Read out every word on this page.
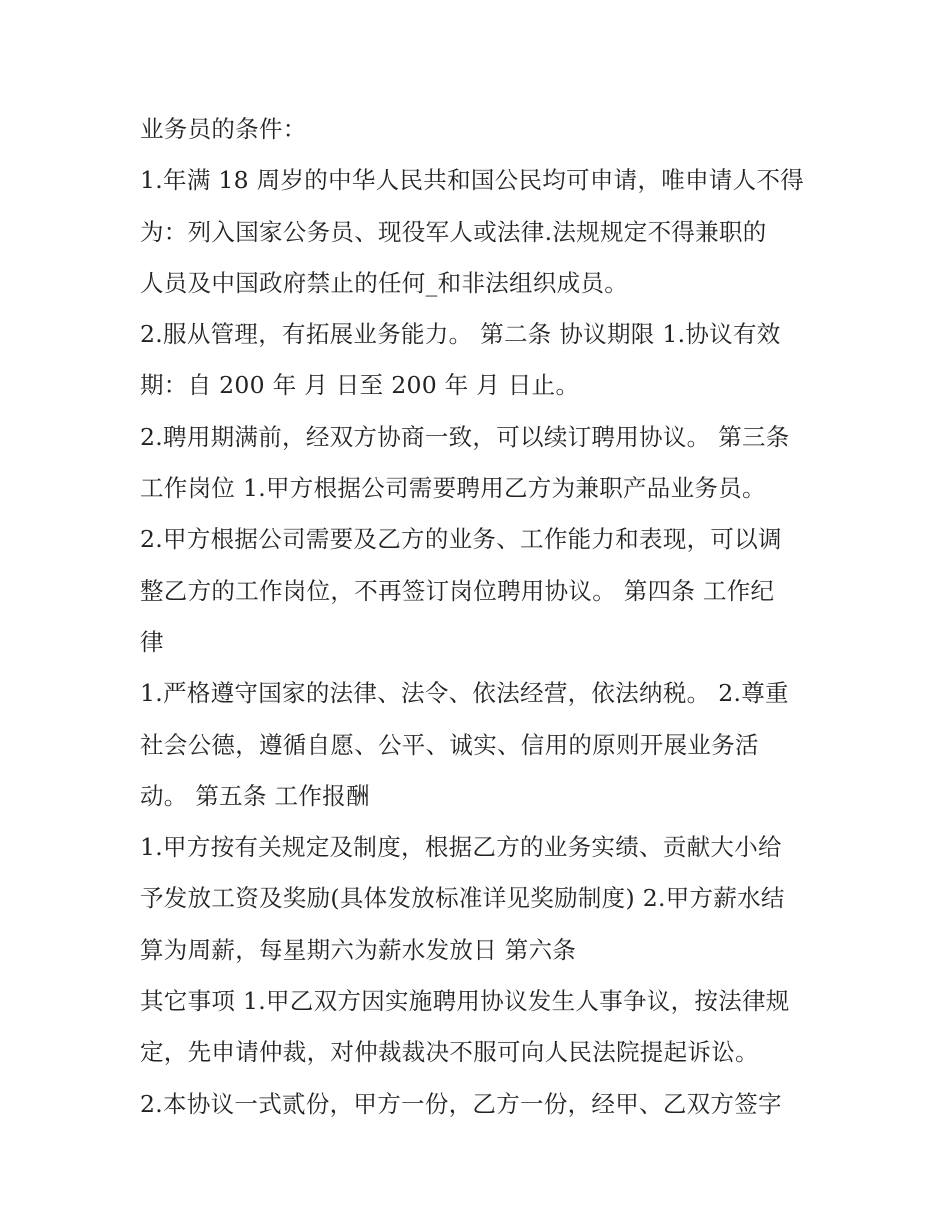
业务员的条件：
1.年满 18 周岁的中华人民共和国公民均可申请，唯申请人不得
为：列入国家公务员、现役军人或法律.法规规定不得兼职的
人员及中国政府禁止的任何_和非法组织成员。
2.服从管理，有拓展业务能力。 第二条 协议期限 1.协议有效
期：自 200 年 月 日至 200 年 月 日止。
2.聘用期满前，经双方协商一致，可以续订聘用协议。 第三条
工作岗位 1.甲方根据公司需要聘用乙方为兼职产品业务员。
2.甲方根据公司需要及乙方的业务、工作能力和表现，可以调
整乙方的工作岗位，不再签订岗位聘用协议。 第四条 工作纪
律
1.严格遵守国家的法律、法令、依法经营，依法纳税。 2.尊重
社会公德，遵循自愿、公平、诚实、信用的原则开展业务活
动。 第五条 工作报酬
1.甲方按有关规定及制度，根据乙方的业务实绩、贡献大小给
予发放工资及奖励(具体发放标准详见奖励制度) 2.甲方薪水结
算为周薪，每星期六为薪水发放日 第六条
其它事项 1.甲乙双方因实施聘用协议发生人事争议，按法律规
定，先申请仲裁，对仲裁裁决不服可向人民法院提起诉讼。
2.本协议一式贰份，甲方一份，乙方一份，经甲、乙双方签字
